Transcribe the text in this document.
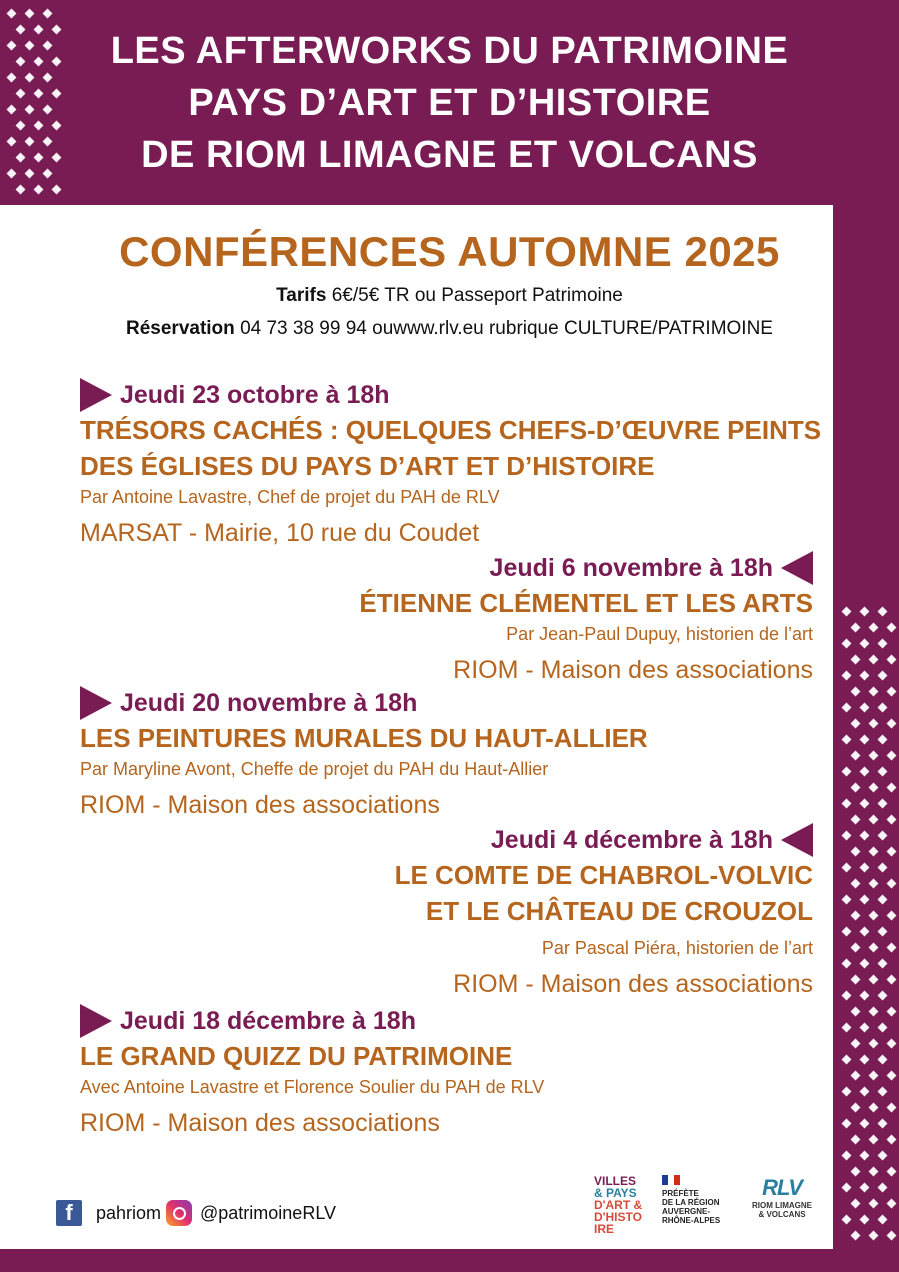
LES AFTERWORKS DU PATRIMOINE
PAYS D’ART ET D’HISTOIRE
DE RIOM LIMAGNE ET VOLCANS
CONFÉRENCES AUTOMNE 2025
Tarifs 6€/5€ TR ou Passeport Patrimoine
Réservation 04 73 38 99 94 ouwww.rlv.eu rubrique CULTURE/PATRIMOINE
Jeudi 23 octobre à 18h
TRÉSORS CACHÉS : QUELQUES CHEFS-D’ŒUVRE PEINTS
DES ÉGLISES DU PAYS D’ART ET D’HISTOIRE
Par Antoine Lavastre, Chef de projet du PAH de RLV
MARSAT - Mairie, 10 rue du Coudet
Jeudi 6 novembre à 18h
ÉTIENNE CLÉMENTEL ET LES ARTS
Par Jean-Paul Dupuy, historien de l’art
RIOM - Maison des associations
Jeudi 20 novembre à 18h
LES PEINTURES MURALES DU HAUT-ALLIER
Par Maryline Avont, Cheffe de projet du PAH du Haut-Allier
RIOM - Maison des associations
Jeudi 4 décembre à 18h
LE COMTE DE CHABROL-VOLVIC
ET LE CHÂTEAU DE CROUZOL
Par Pascal Piéra, historien de l’art
RIOM - Maison des associations
Jeudi 18 décembre à 18h
LE GRAND QUIZZ DU PATRIMOINE
Avec Antoine Lavastre et Florence Soulier du PAH de RLV
RIOM - Maison des associations
f	pahriom @patrimoineRLV
VILLES
& PAYS
D'ART &
D'HISTO
IRE
PRÉFÈTE
DE LA RÉGION
AUVERGNE-
RHÔNE-ALPES
RLV
RIOM LIMAGNE
& VOLCANS
